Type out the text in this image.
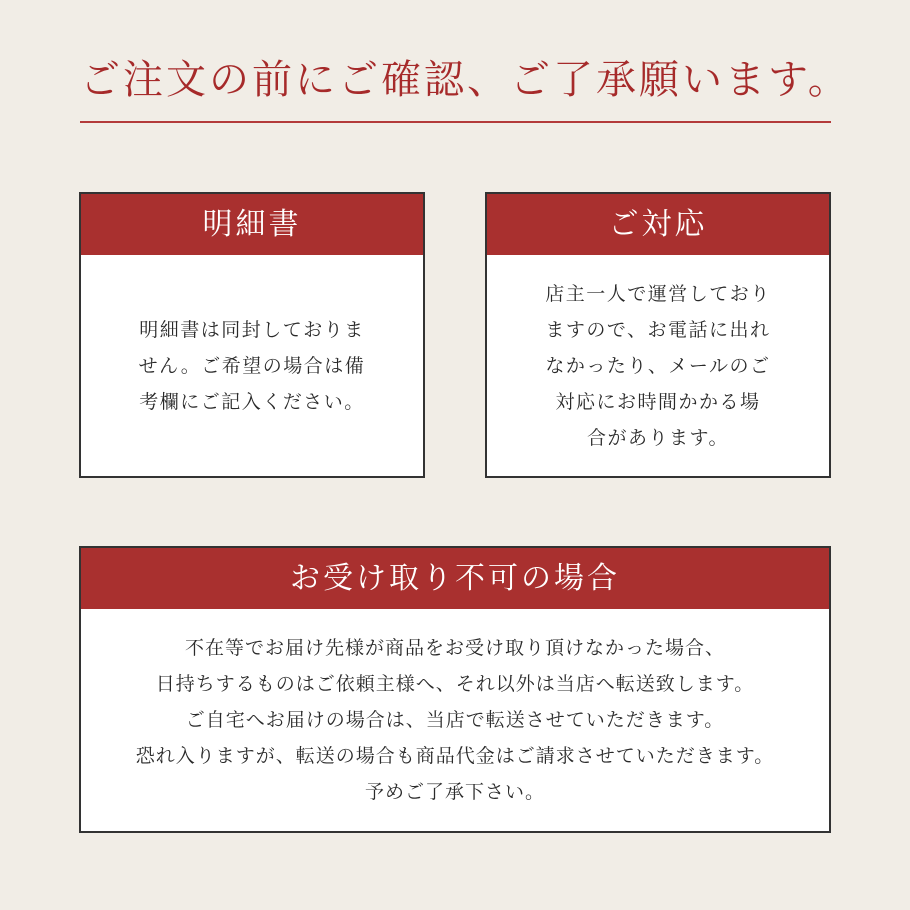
ご注文の前にご確認、ご了承願います。
明細書
明細書は同封しておりま
せん。ご希望の場合は備
考欄にご記入ください。
ご対応
店主一人で運営しており
ますので、お電話に出れ
なかったり、メールのご
対応にお時間かかる場
合があります。
お受け取り不可の場合
不在等でお届け先様が商品をお受け取り頂けなかった場合、
日持ちするものはご依頼主様へ、それ以外は当店へ転送致します。
ご自宅へお届けの場合は、当店で転送させていただきます。
恐れ入りますが、転送の場合も商品代金はご請求させていただきます。
予めご了承下さい。
